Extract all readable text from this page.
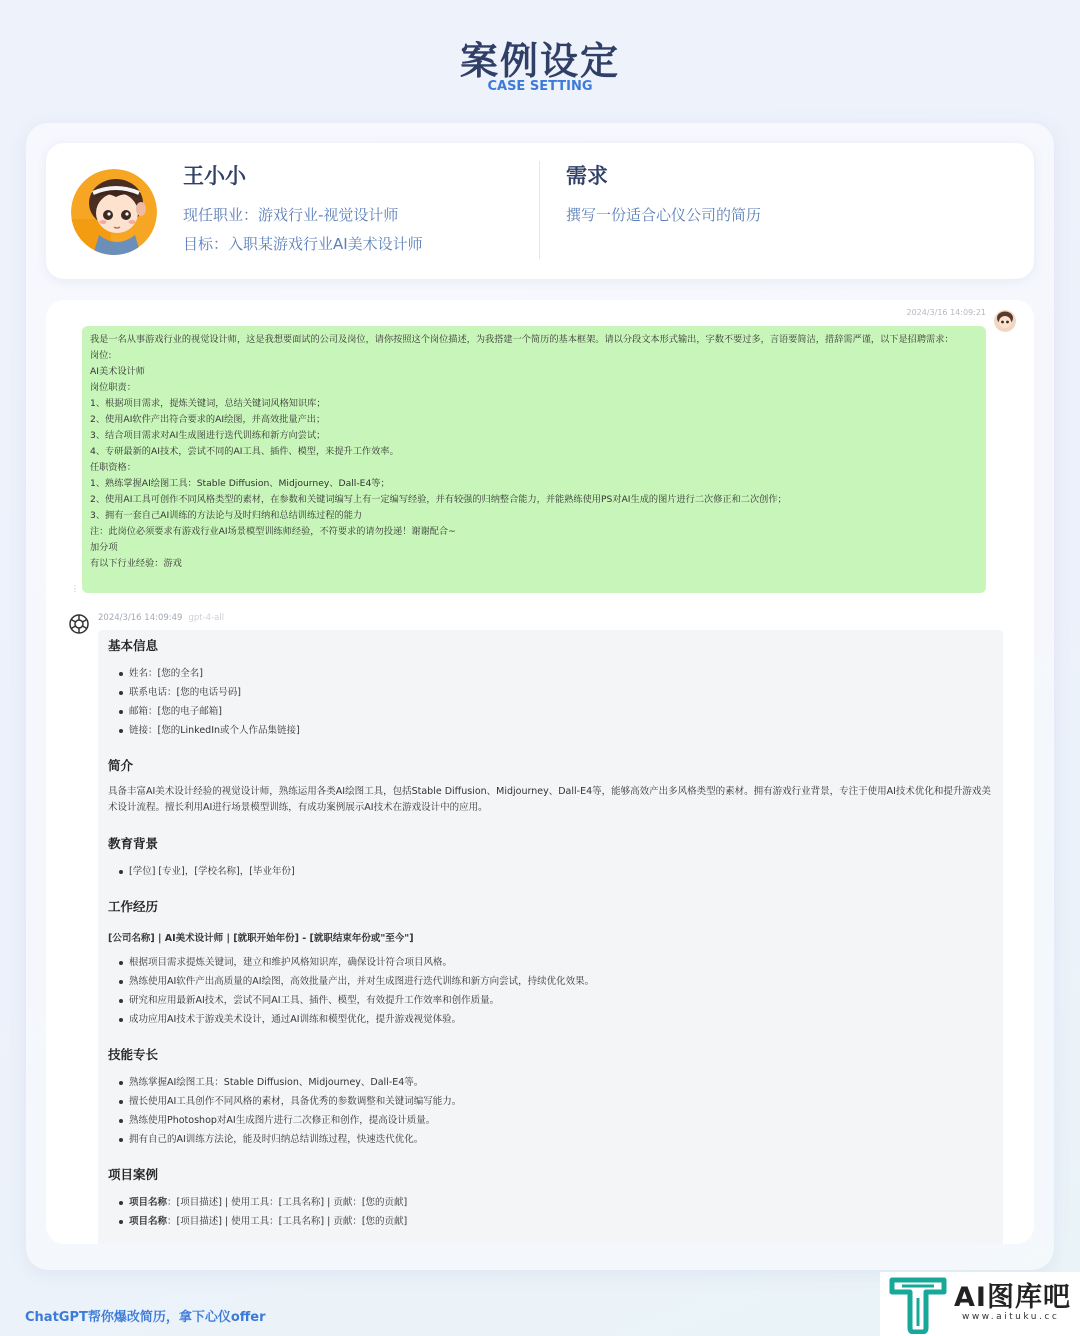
案例设定
CASE SETTING
王小小
现任职业：游戏行业-视觉设计师
目标：入职某游戏行业AI美术设计师
需求
撰写一份适合心仪公司的简历
2024/3/16 14:09:21
我是一名从事游戏行业的视觉设计师，这是我想要面试的公司及岗位，请你按照这个岗位描述，为我搭建一个简历的基本框架。请以分段文本形式输出，字数不要过多，言语要简洁，措辞需严谨，以下是招聘需求：
岗位:
AI美术设计师
岗位职责：
1、根据项目需求，提炼关键词，总结关键词风格知识库；
2、使用AI软件产出符合要求的AI绘图，并高效批量产出；
3、结合项目需求对AI生成图进行迭代训练和新方向尝试；
4、专研最新的AI技术，尝试不同的AI工具、插件、模型，来提升工作效率。
任职资格：
1、熟练掌握AI绘图工具：Stable Diffusion、Midjourney、Dall-E4等；
2、使用AI工具可创作不同风格类型的素材，在参数和关键词编写上有一定编写经验，并有较强的归纳整合能力，并能熟练使用PS对AI生成的图片进行二次修正和二次创作；
3、拥有一套自己AI训练的方法论与及时归纳和总结训练过程的能力
注：此岗位必须要求有游戏行业AI场景模型训练师经验，不符要求的请勿投递！谢谢配合~
加分项
有以下行业经验：游戏
⋮
2024/3/16 14:09:49 gpt-4-all
基本信息
姓名：[您的全名]
联系电话：[您的电话号码]
邮箱：[您的电子邮箱]
链接：[您的LinkedIn或个人作品集链接]
简介
具备丰富AI美术设计经验的视觉设计师，熟练运用各类AI绘图工具，包括Stable Diffusion、Midjourney、Dall-E4等，能够高效产出多风格类型的素材。拥有游戏行业背景，专注于使用AI技术优化和提升游戏美术设计流程。擅长利用AI进行场景模型训练，有成功案例展示AI技术在游戏设计中的应用。
教育背景
[学位] [专业]，[学校名称]，[毕业年份]
工作经历
[公司名称] | AI美术设计师 | [就职开始年份] - [就职结束年份或"至今"]
根据项目需求提炼关键词，建立和维护风格知识库，确保设计符合项目风格。
熟练使用AI软件产出高质量的AI绘图，高效批量产出，并对生成图进行迭代训练和新方向尝试，持续优化效果。
研究和应用最新AI技术，尝试不同AI工具、插件、模型，有效提升工作效率和创作质量。
成功应用AI技术于游戏美术设计，通过AI训练和模型优化，提升游戏视觉体验。
技能专长
熟练掌握AI绘图工具：Stable Diffusion、Midjourney、Dall-E4等。
擅长使用AI工具创作不同风格的素材，具备优秀的参数调整和关键词编写能力。
熟练使用Photoshop对AI生成图片进行二次修正和创作，提高设计质量。
拥有自己的AI训练方法论，能及时归纳总结训练过程，快速迭代优化。
项目案例
项目名称：[项目描述] | 使用工具：[工具名称] | 贡献：[您的贡献]
项目名称：[项目描述] | 使用工具：[工具名称] | 贡献：[您的贡献]
ChatGPT帮你爆改简历，拿下心仪offer
AI图库吧
www.aituku.cc
